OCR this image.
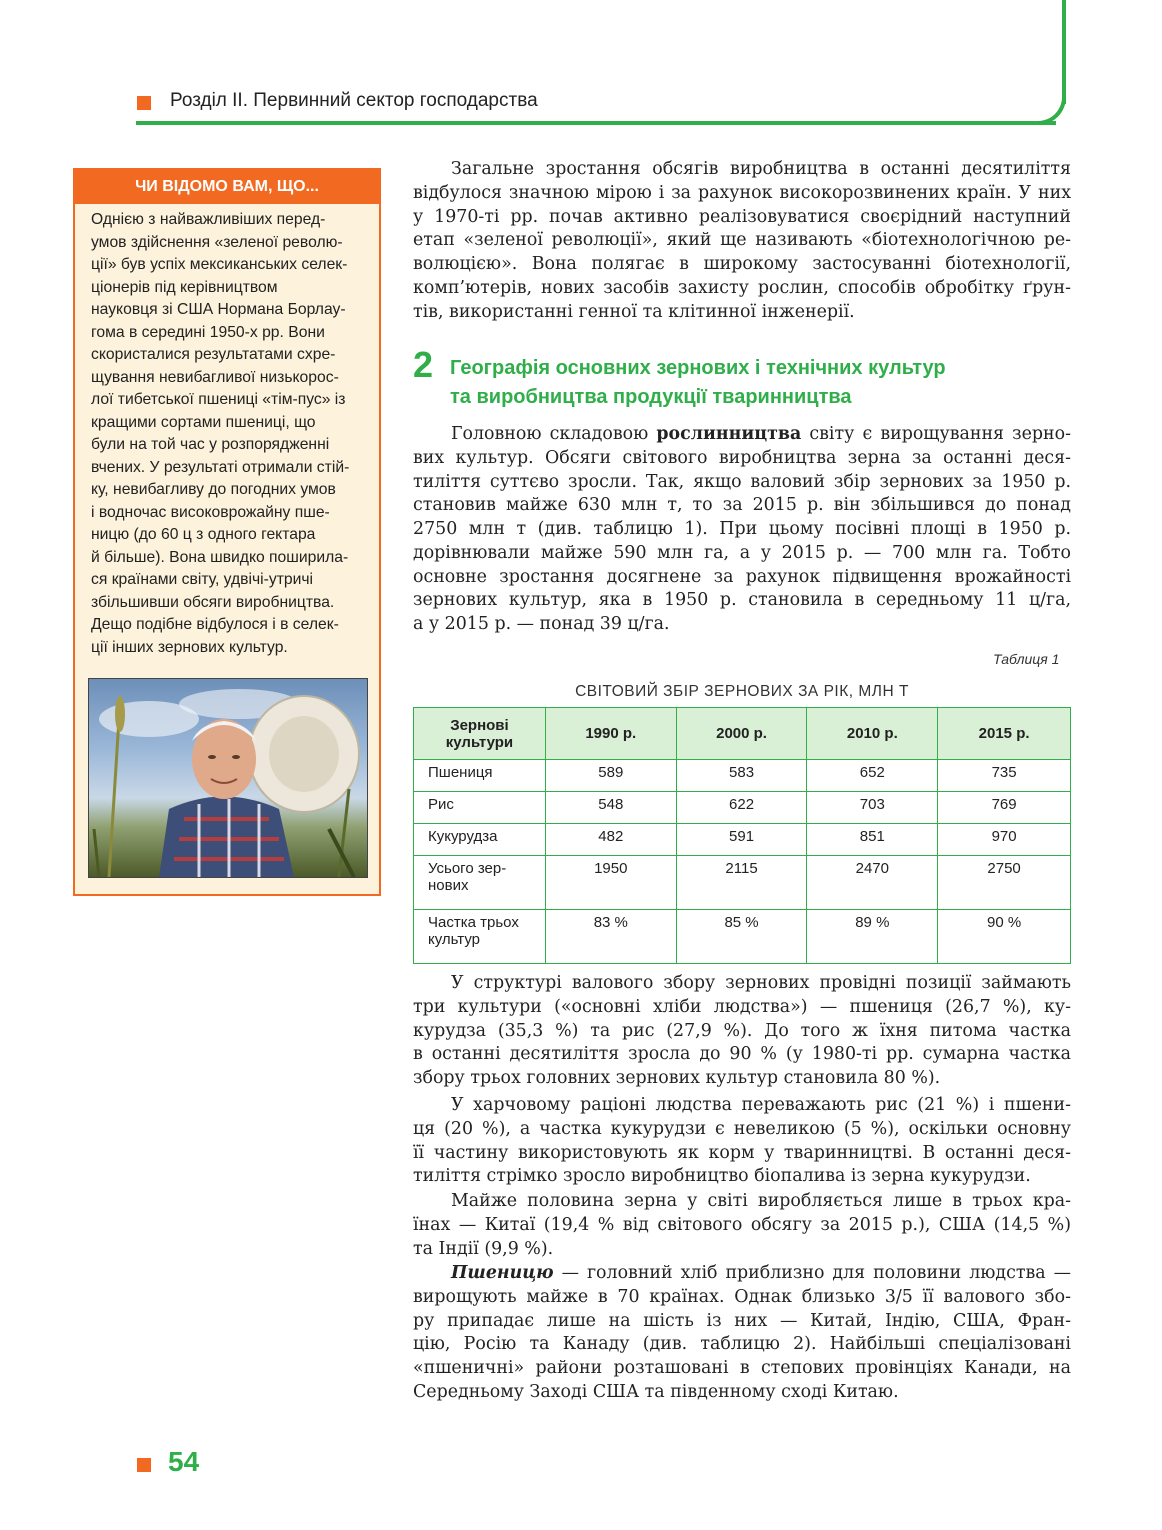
Розділ II. Первинний сектор господарства
ЧИ ВІДОМО ВАМ, ЩО...
Однією з найважливіших перед-
умов здійснення «зеленої револю-
ції» був успіх мексиканських селек-
ціонерів під керівництвом
науковця зі США Нормана Борлау-
гома в середині 1950-х рр. Вони
скористалися результатами схре-
щування невибагливої низькорос-
лої тибетської пшениці «тім-пус» із
кращими сортами пшениці, що
були на той час у розпорядженні
вчених. У результаті отримали стій-
ку, невибагливу до погодних умов
і водночас високоврожайну пше-
ницю (до 60 ц з одного гектара
й більше). Вона швидко поширила-
ся країнами світу, удвічі-утричі
збільшивши обсяги виробництва.
Дещо подібне відбулося і в селек-
ції інших зернових культур.
Загальне зростання обсягів виробництва в останні десятиліття
відбулося значною мірою і за рахунок високорозвинених країн. У них
у 1970-ті рр. почав активно реалізовуватися своєрідний наступний
етап «зеленої революції», який ще називають «біотехнологічною ре-
волюцією». Вона полягає в широкому застосуванні біотехнології,
комп’ютерів, нових засобів захисту рослин, способів обробітку ґрун-
тів, використанні генної та клітинної інженерії.
2 Географія основних зернових і технічних культур
та виробництва продукції тваринництва
Головною складовою рослинництва світу є вирощування зерно-
вих культур. Обсяги світового виробництва зерна за останні деся-
тиліття суттєво зросли. Так, якщо валовий збір зернових за 1950 р.
становив майже 630 млн т, то за 2015 р. він збільшився до понад
2750 млн т (див. таблицю 1). При цьому посівні площі в 1950 р.
дорівнювали майже 590 млн га, а у 2015 р. — 700 млн га. Тобто
основне зростання досягнене за рахунок підвищення врожайності
зернових культур, яка в 1950 р. становила в середньому 11 ц/га,
а у 2015 р. — понад 39 ц/га.
Таблиця 1
СВІТОВИЙ ЗБІР ЗЕРНОВИХ ЗА РІК, МЛН Т
Зернові
культури	1990 р.	2000 р.	2010 р.	2015 р.
Пшениця	589	583	652	735
Рис	548	622	703	769
Кукурудза	482	591	851	970

Усього зер-
нових	1950	2115	2470	2750

Частка трьох
культур	83 %	85 %	89 %	90 %
У структурі валового збору зернових провідні позиції займають
три культури («основні хліби людства») — пшениця (26,7 %), ку-
курудза (35,3 %) та рис (27,9 %). До того ж їхня питома частка
в останні десятиліття зросла до 90 % (у 1980-ті рр. сумарна частка
збору трьох головних зернових культур становила 80 %).
У харчовому раціоні людства переважають рис (21 %) і пшени-
ця (20 %), а частка кукурудзи є невеликою (5 %), оскільки основну
її частину використовують як корм у тваринництві. В останні деся-
тиліття стрімко зросло виробництво біопалива із зерна кукурудзи.
Майже половина зерна у світі виробляється лише в трьох кра-
їнах — Китаї (19,4 % від світового обсягу за 2015 р.), США (14,5 %)
та Індії (9,9 %).
Пшеницю — головний хліб приблизно для половини людства —
вирощують майже в 70 країнах. Однак близько 3/5 її валового збо-
ру припадає лише на шість із них — Китай, Індію, США, Фран-
цію, Росію та Канаду (див. таблицю 2). Найбільші спеціалізовані
«пшеничні» райони розташовані в степових провінціях Канади, на
Середньому Заході США та південному сході Китаю.
54
